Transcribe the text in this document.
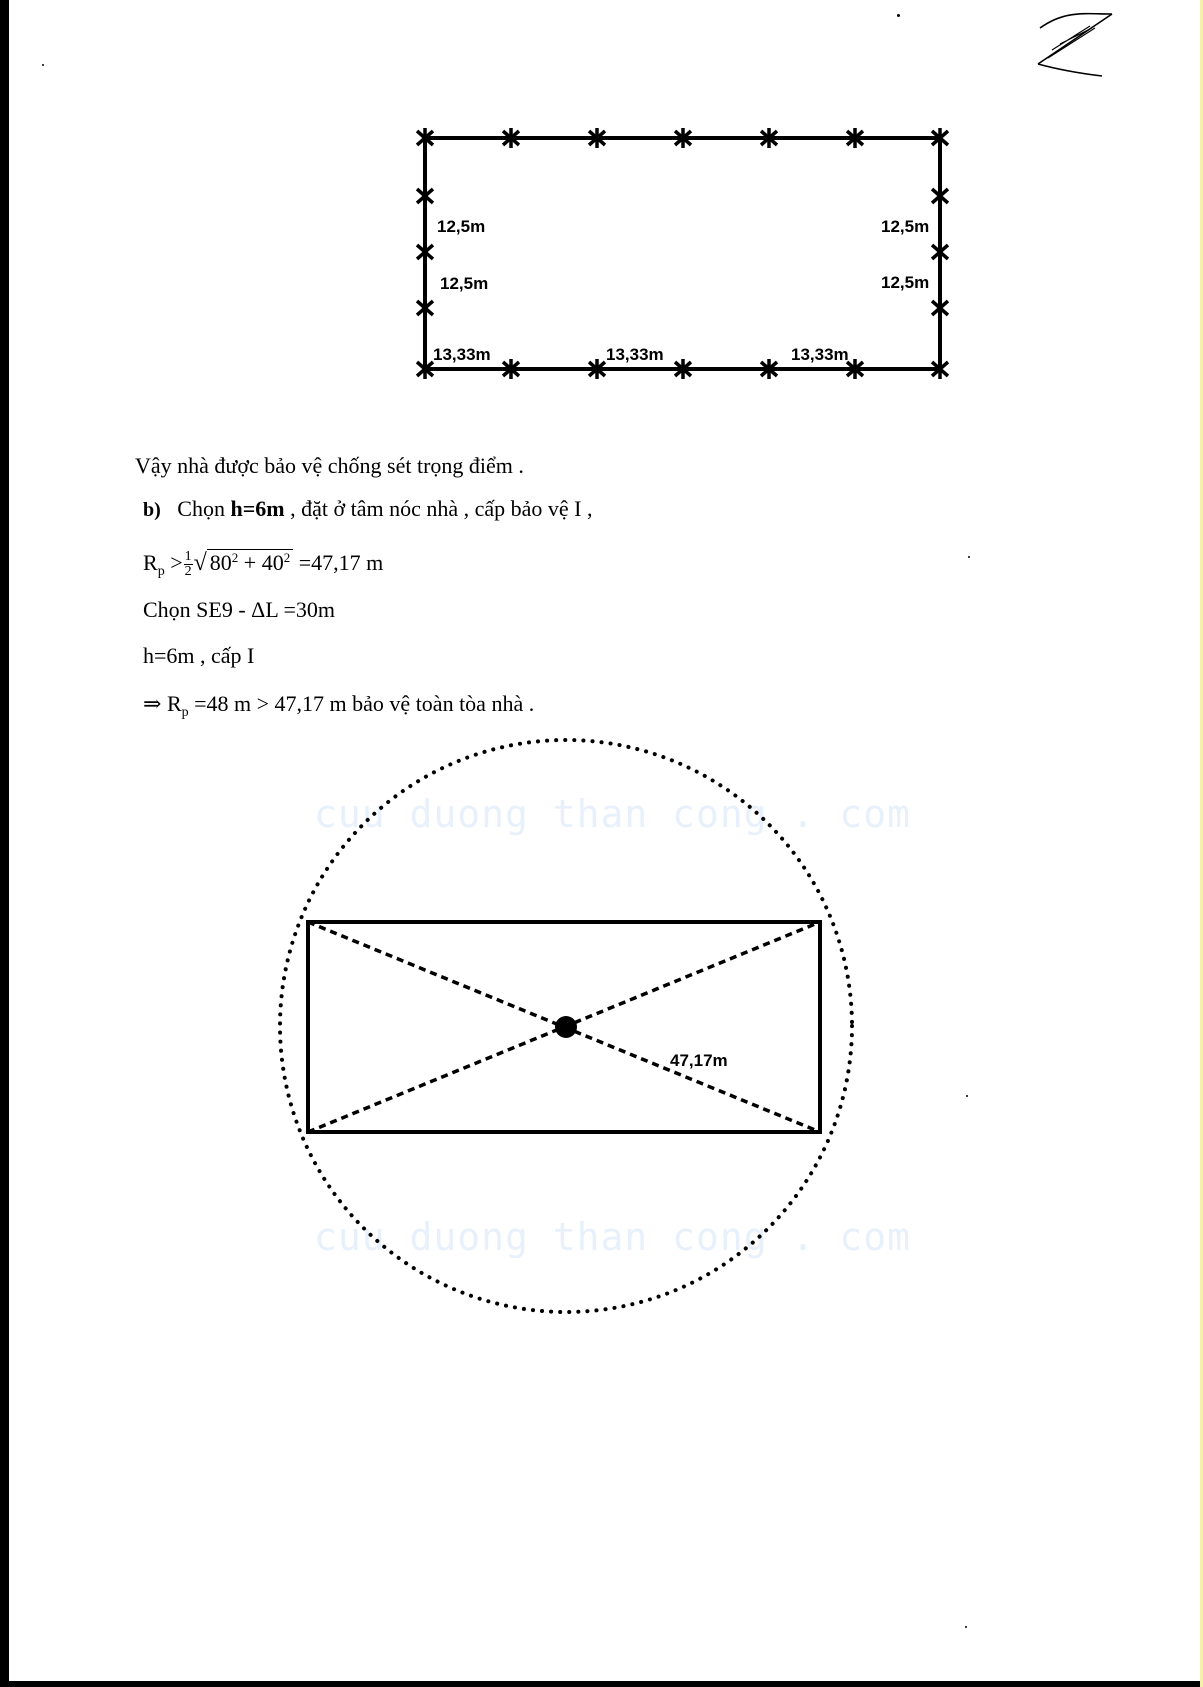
12,5m
12,5m
12,5m
12,5m
13,33m	13,33m	13,33m
Vậy nhà được bảo vệ chống sét trọng điểm .
b) Chọn h=6m , đặt ở tâm nóc nhà , cấp bảo vệ I ,
$R_p > \frac{1}{2}$ √ $80^2 + 40^2 =47,17$ m
Chọn SE9 - ΔL =30m
h=6m , cấp I
⇒ $R_p =48$ m > 47,17 m bảo vệ toàn tòa nhà .
cuu duong than cong . com
cuu duong than cong . com
47,17m
